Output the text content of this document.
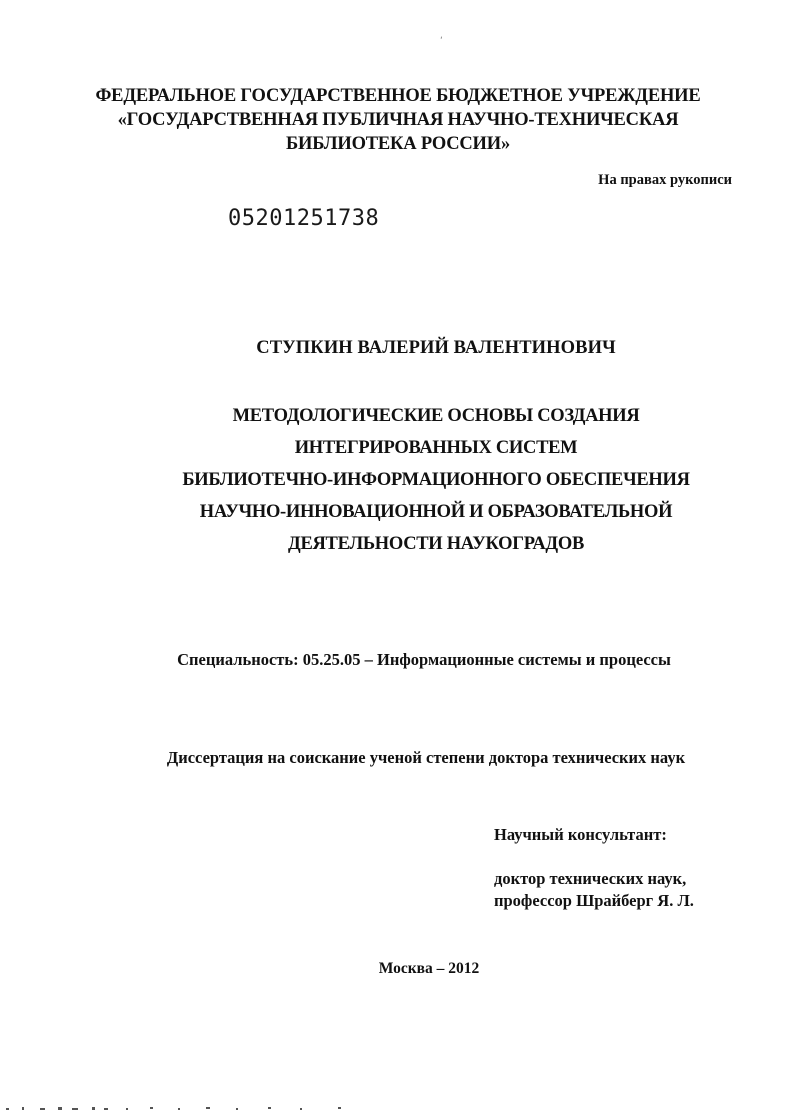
‘
ФЕДЕРАЛЬНОЕ ГОСУДАРСТВЕННОЕ БЮДЖЕТНОЕ УЧРЕЖДЕНИЕ
«ГОСУДАРСТВЕННАЯ ПУБЛИЧНАЯ НАУЧНО-ТЕХНИЧЕСКАЯ
БИБЛИОТЕКА РОССИИ»
На правах рукописи
05201251738
СТУПКИН ВАЛЕРИЙ ВАЛЕНТИНОВИЧ
МЕТОДОЛОГИЧЕСКИЕ ОСНОВЫ СОЗДАНИЯ
ИНТЕГРИРОВАННЫХ СИСТЕМ
БИБЛИОТЕЧНО-ИНФОРМАЦИОННОГО ОБЕСПЕЧЕНИЯ
НАУЧНО-ИННОВАЦИОННОЙ И ОБРАЗОВАТЕЛЬНОЙ
ДЕЯТЕЛЬНОСТИ НАУКОГРАДОВ
Специальность: 05.25.05 – Информационные системы и процессы
Диссертация на соискание ученой степени доктора технических наук
Научный консультант:
доктор технических наук,
профессор Шрайберг Я. Л.
Москва – 2012
